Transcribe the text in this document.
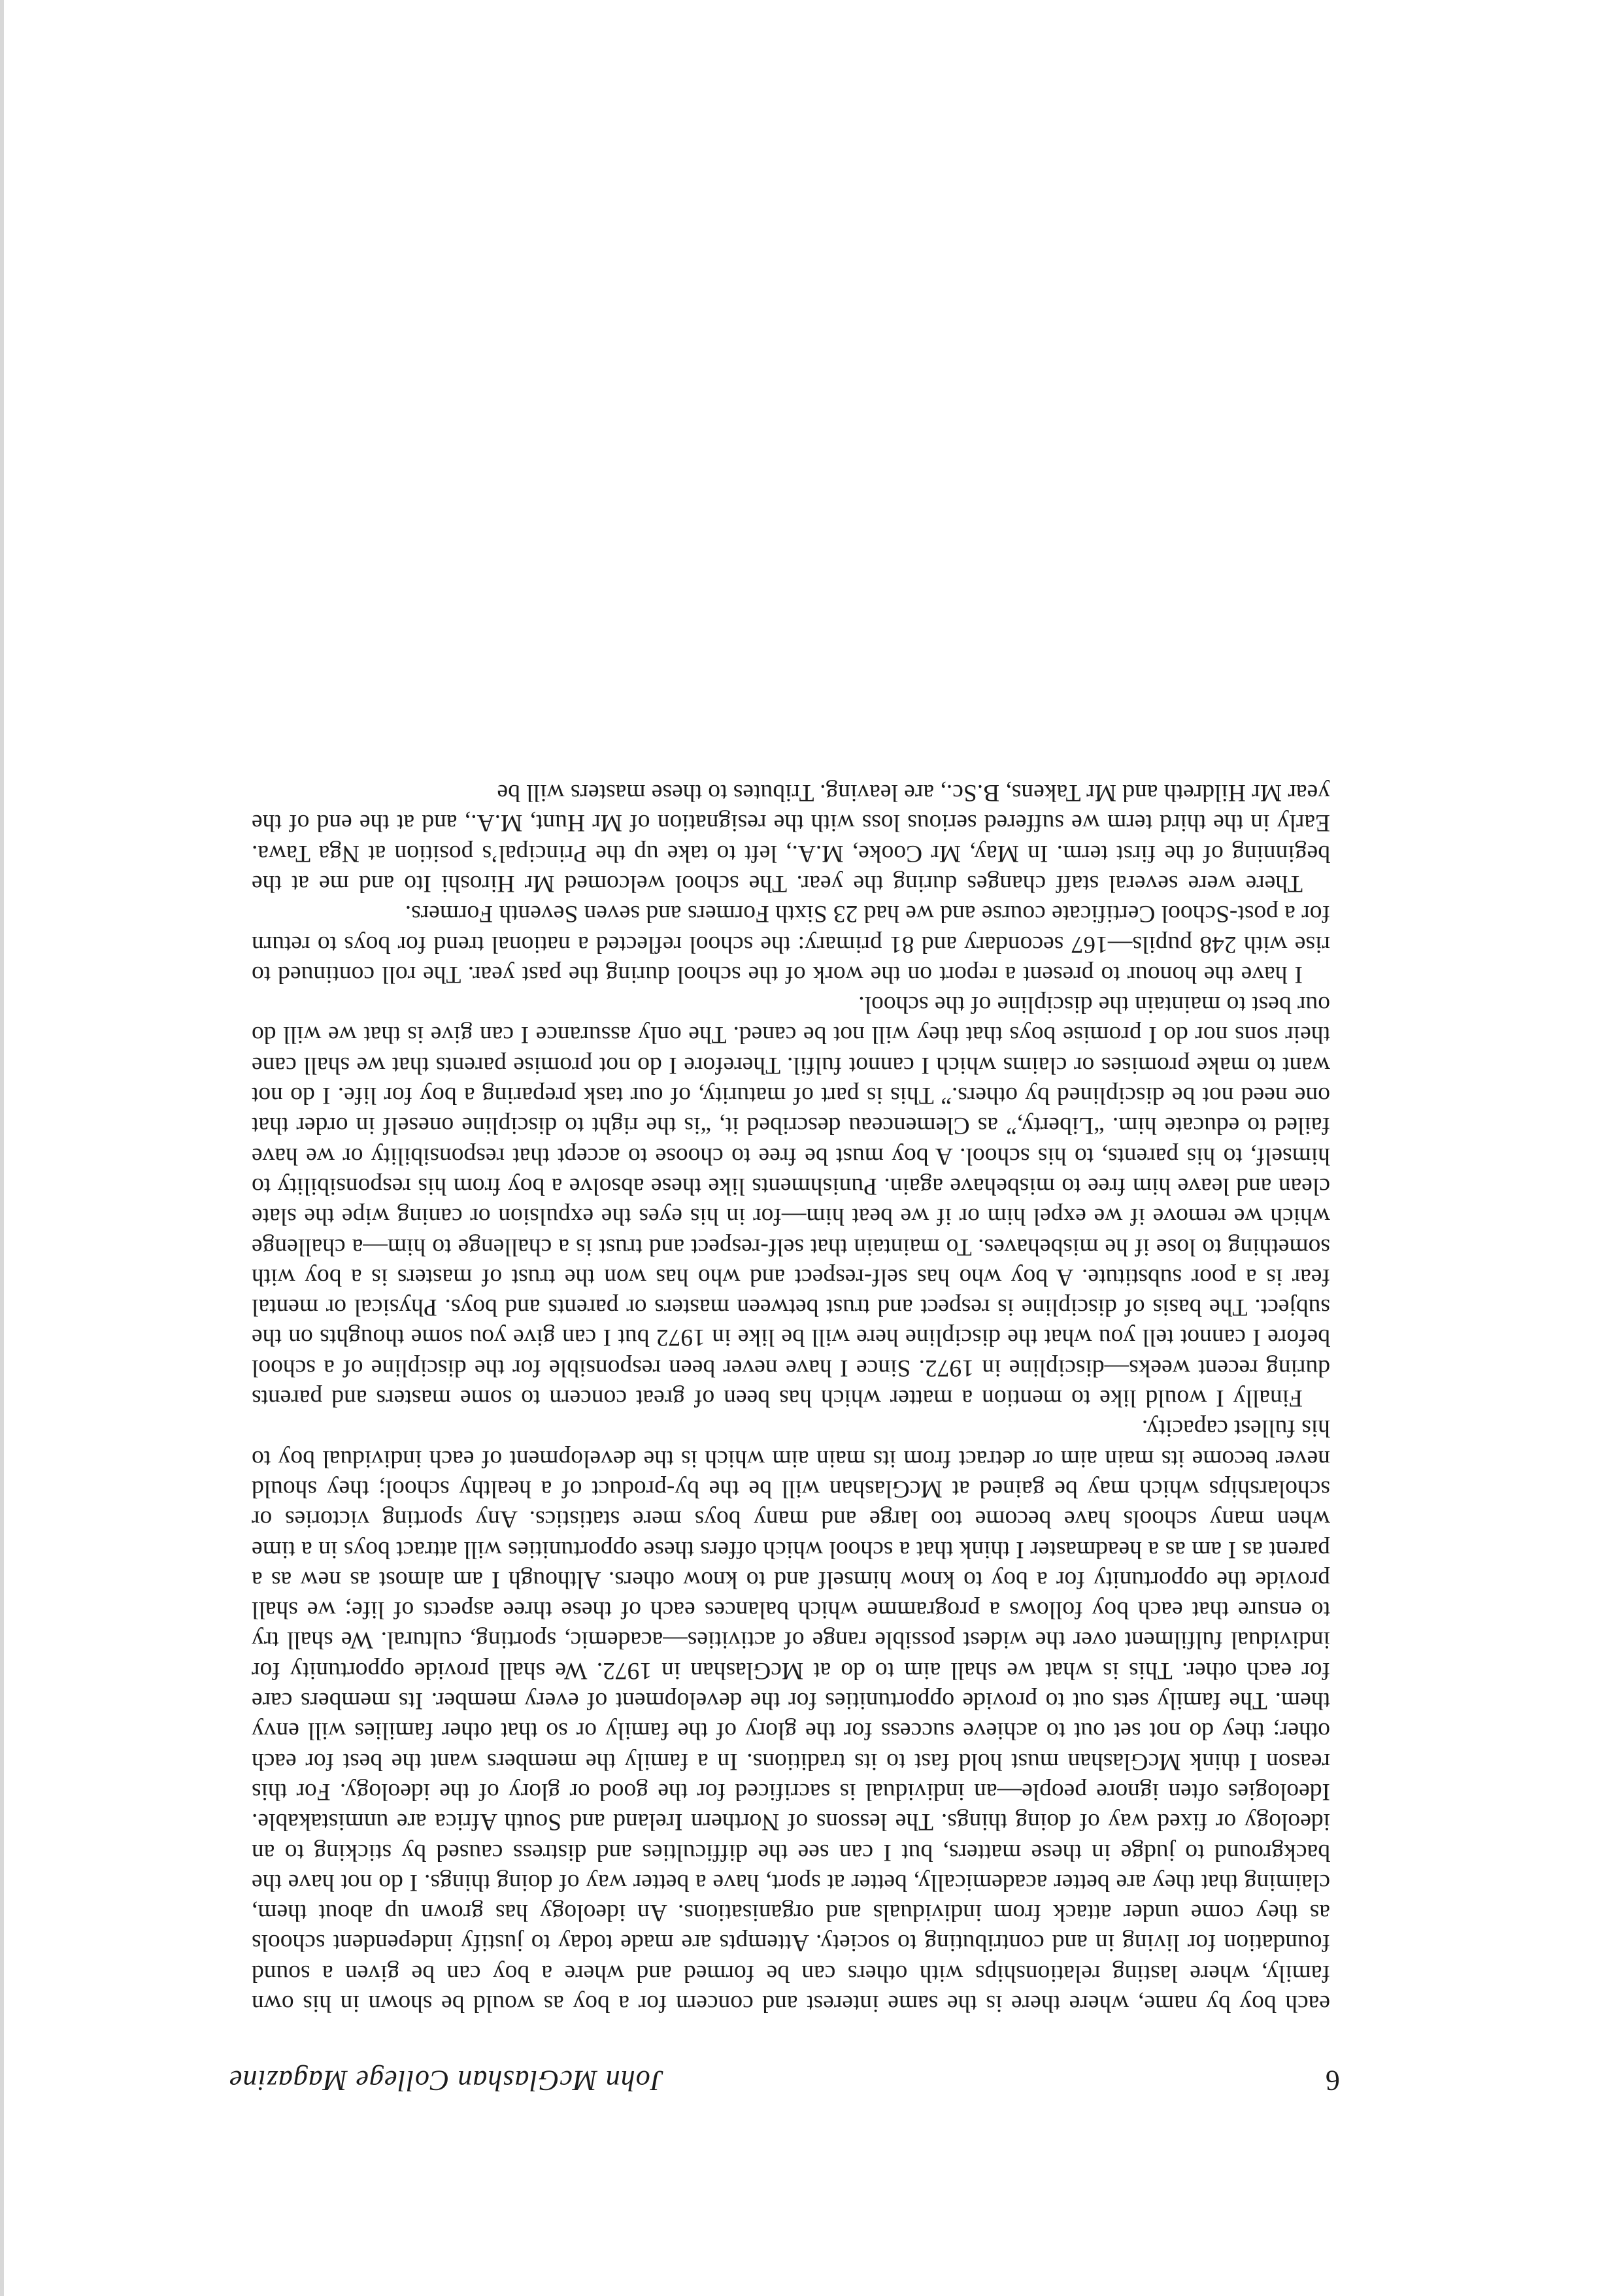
6
John McGlashan College Magazine

each boy by name, where there is the same interest and concern for a boy as would be shown in his own family, where lasting relationships with others can be formed and where a boy can be given a sound foundation for living in and contributing to society. Attempts are made today to justify independent schools as they come under attack from individuals and organisations. An ideology has grown up about them, claiming that they are better academically, better at sport, have a better way of doing things. I do not have the background to judge in these matters, but I can see the difficulties and distress caused by sticking to an ideology or fixed way of doing things. The lessons of Northern Ireland and South Africa are unmistakable. Ideologies often ignore people—an individual is sacrificed for the good or glory of the ideology. For this reason I think McGlashan must hold fast to its traditions. In a family the members want the best for each other; they do not set out to achieve success for the glory of the family or so that other families will envy them. The family sets out to provide opportunities for the development of every member. Its members care for each other. This is what we shall aim to do at McGlashan in 1972. We shall provide opportunity for individual fulfilment over the widest possible range of activities—academic, sporting, cultural. We shall try to ensure that each boy follows a programme which balances each of these three aspects of life; we shall provide the opportunity for a boy to know himself and to know others. Although I am almost as new as a parent as I am as a headmaster I think that a school which offers these opportunities will attract boys in a time when many schools have become too large and many boys mere statistics. Any sporting victories or scholarships which may be gained at McGlashan will be the by-product of a healthy school; they should never become its main aim or detract from its main aim which is the development of each individual boy to his fullest capacity.

Finally I would like to mention a matter which has been of great concern to some masters and parents during recent weeks—discipline in 1972. Since I have never been responsible for the discipline of a school before I cannot tell you what the discipline here will be like in 1972 but I can give you some thoughts on the subject. The basis of discipline is respect and trust between masters or parents and boys. Physical or mental fear is a poor substitute. A boy who has self-respect and who has won the trust of masters is a boy with something to lose if he misbehaves. To maintain that self-respect and trust is a challenge to him—a challenge which we remove if we expel him or if we beat him—for in his eyes the expulsion or caning wipe the slate clean and leave him free to misbehave again. Punishments like these absolve a boy from his responsibility to himself, to his parents, to his school. A boy must be free to choose to accept that responsibility or we have failed to educate him. “Liberty,” as Clemenceau described it, “is the right to discipline oneself in order that one need not be disciplined by others.” This is part of maturity, of our task preparing a boy for life. I do not want to make promises or claims which I cannot fulfil. Therefore I do not promise parents that we shall cane their sons nor do I promise boys that they will not be caned. The only assurance I can give is that we will do our best to maintain the discipline of the school.

I have the honour to present a report on the work of the school during the past year. The roll continued to rise with 248 pupils—167 secondary and 81 primary: the school reflected a national trend for boys to return for a post-School Certificate course and we had 23 Sixth Formers and seven Seventh Formers.

There were several staff changes during the year. The school welcomed Mr Hiroshi Ito and me at the beginning of the first term. In May, Mr Cooke, M.A., left to take up the Principal’s position at Nga Tawa. Early in the third term we suffered serious loss with the resignation of Mr Hunt, M.A., and at the end of the year Mr Hildreth and Mr Takens, B.Sc., are leaving. Tributes to these masters will be
